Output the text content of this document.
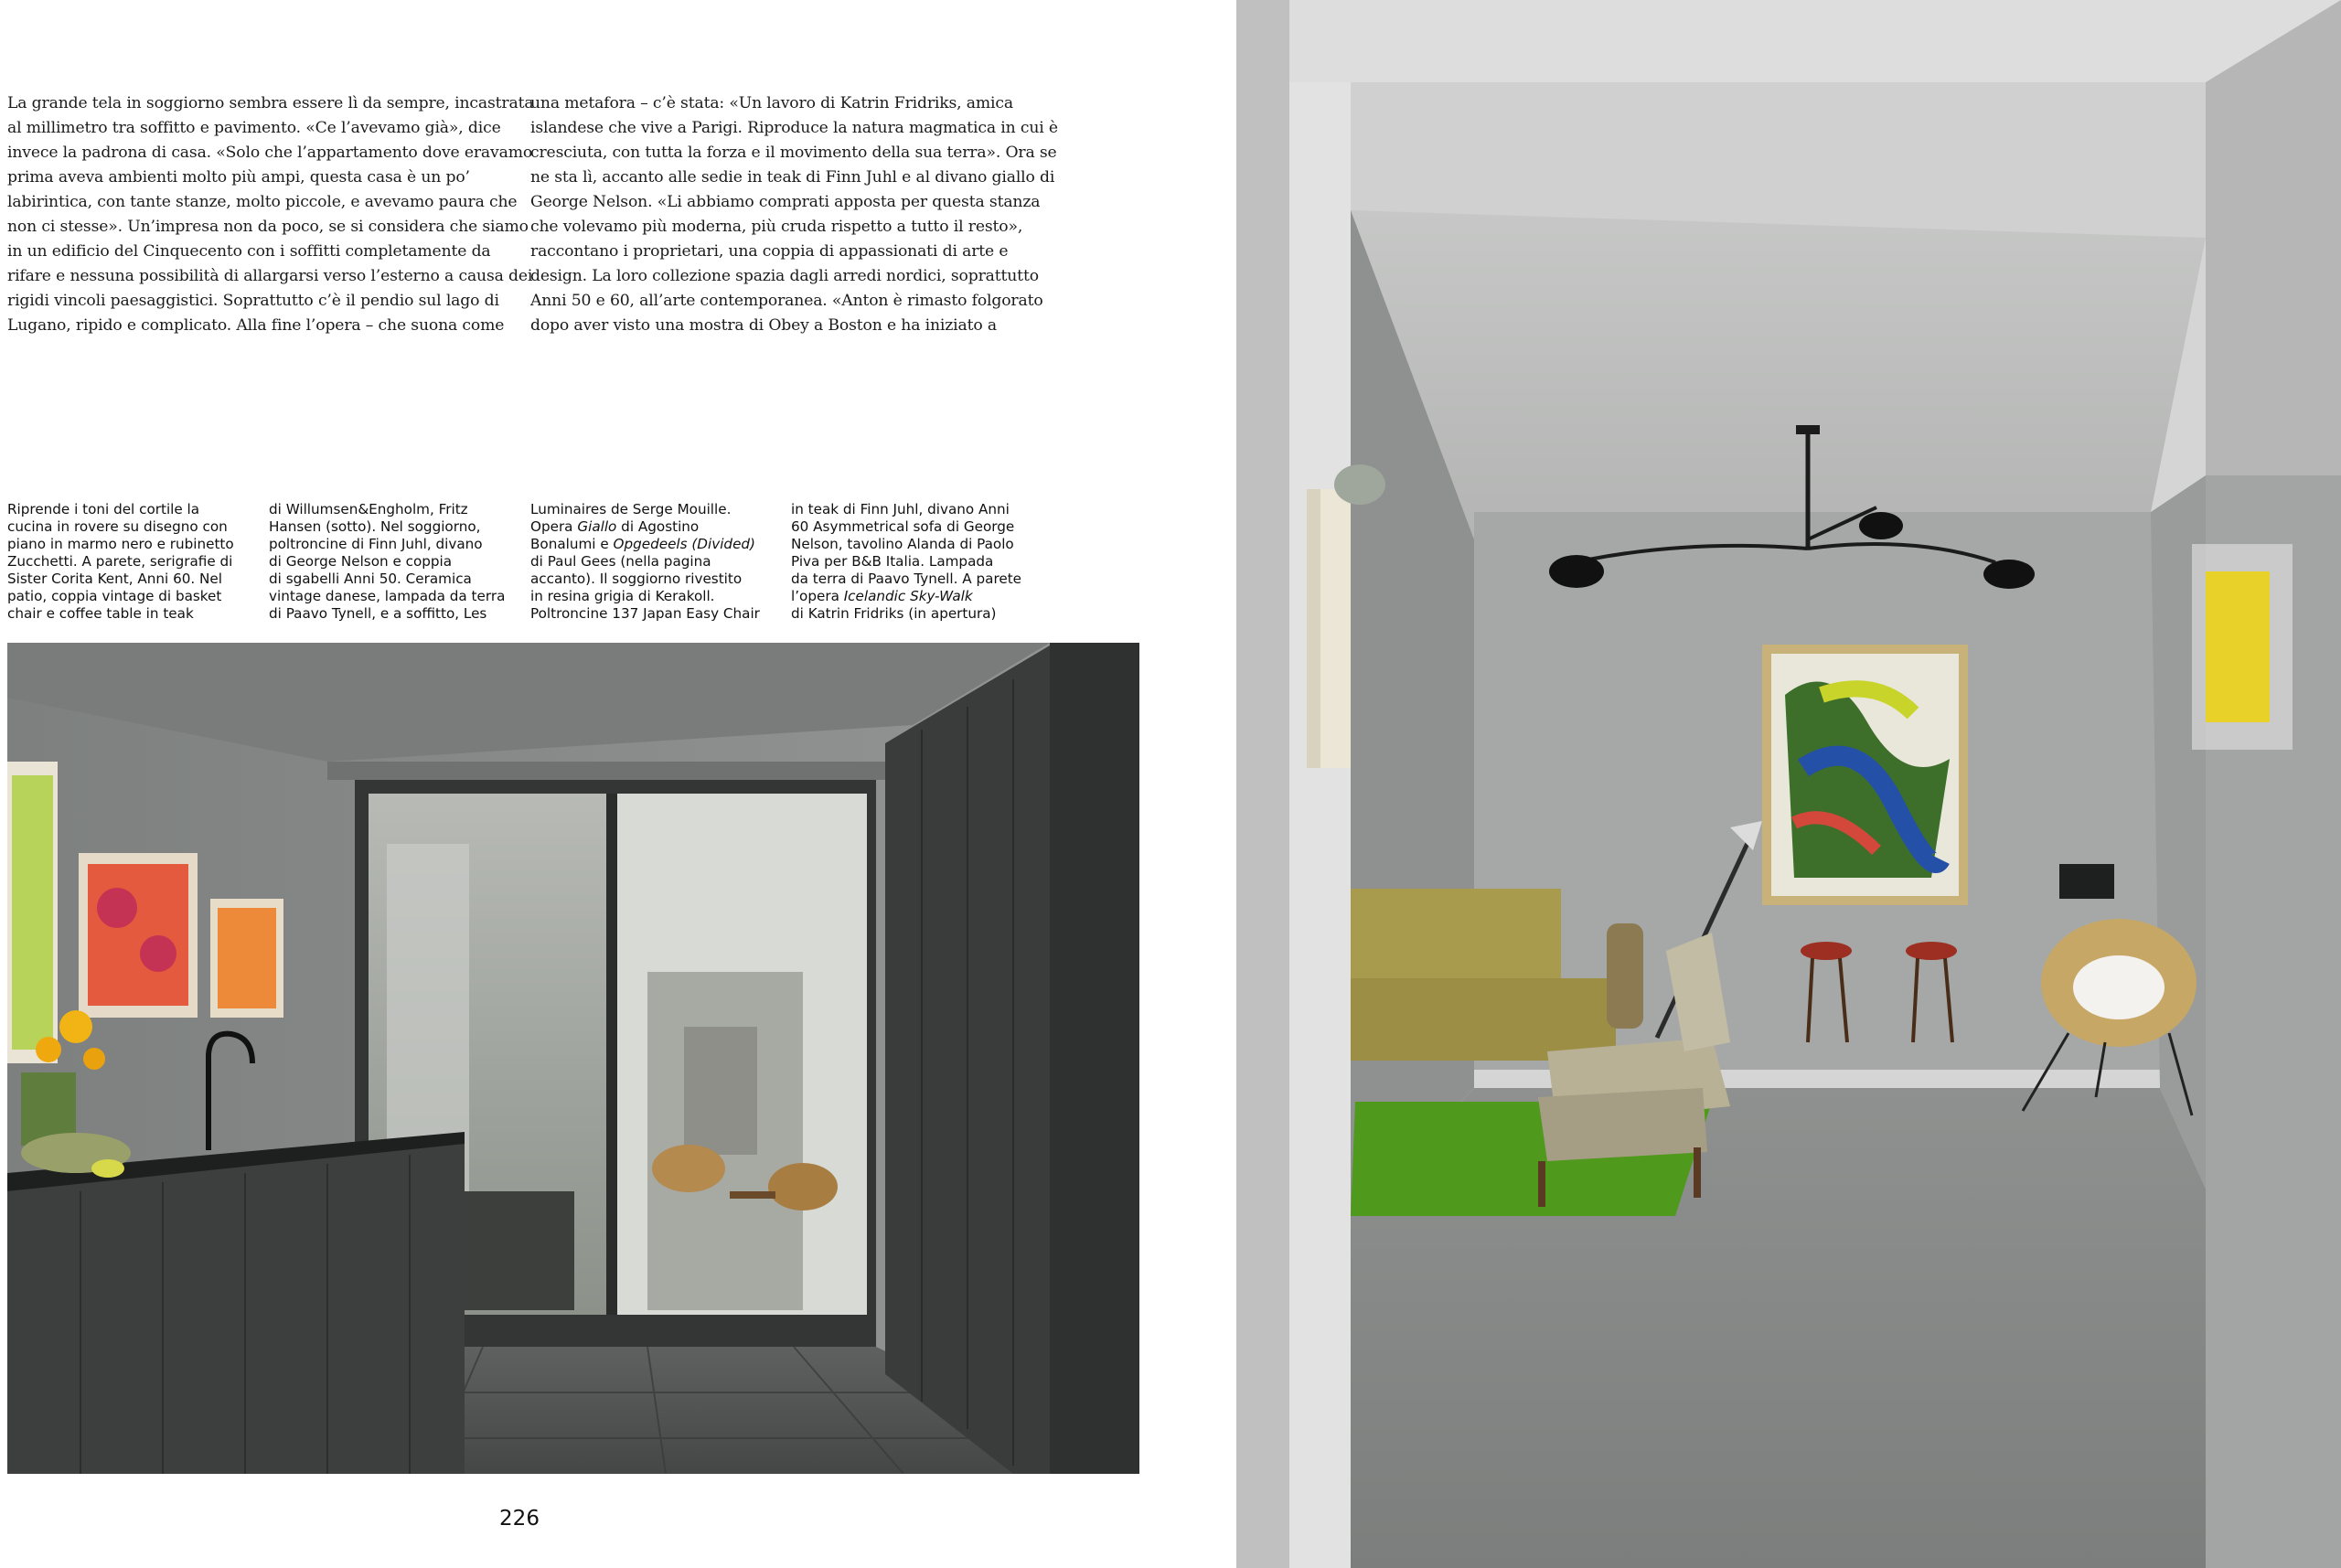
La grande tela in soggiorno sembra essere lì da sempre, incastrata

al millimetro tra soffitto e pavimento. «Ce l’avevamo già», dice

invece la padrona di casa. «Solo che l’appartamento dove eravamo

prima aveva ambienti molto più ampi, questa casa è un po’

labirintica, con tante stanze, molto piccole, e avevamo paura che

non ci stesse». Un’impresa non da poco, se si considera che siamo

in un edificio del Cinquecento con i soffitti completamente da

rifare e nessuna possibilità di allargarsi verso l’esterno a causa dei

rigidi vincoli paesaggistici. Soprattutto c’è il pendio sul lago di

Lugano, ripido e complicato. Alla fine l’opera – che suona come

una metafora – c’è stata: «Un lavoro di Katrin Fridriks, amica

islandese che vive a Parigi. Riproduce la natura magmatica in cui è

cresciuta, con tutta la forza e il movimento della sua terra». Ora se

ne sta lì, accanto alle sedie in teak di Finn Juhl e al divano giallo di

George Nelson. «Li abbiamo comprati apposta per questa stanza

che volevamo più moderna, più cruda rispetto a tutto il resto»,

raccontano i proprietari, una coppia di appassionati di arte e

design. La loro collezione spazia dagli arredi nordici, soprattutto

Anni 50 e 60, all’arte contemporanea. «Anton è rimasto folgorato

dopo aver visto una mostra di Obey a Boston e ha iniziato a

Riprende i toni del cortile la

cucina in rovere su disegno con

piano in marmo nero e rubinetto

Zucchetti. A parete, serigrafie di

Sister Corita Kent, Anni 60. Nel

patio, coppia vintage di basket

chair e coffee table in teak

di Willumsen&Engholm, Fritz

Hansen (sotto). Nel soggiorno,

poltroncine di Finn Juhl, divano

di George Nelson e coppia

di sgabelli Anni 50. Ceramica

vintage danese, lampada da terra

di Paavo Tynell, e a soffitto, Les

Luminaires de Serge Mouille.

Opera Giallo di Agostino

Bonalumi e Opgedeels (Divided)

di Paul Gees (nella pagina

accanto). Il soggiorno rivestito

in resina grigia di Kerakoll.

Poltroncine 137 Japan Easy Chair

in teak di Finn Juhl, divano Anni

60 Asymmetrical sofa di George

Nelson, tavolino Alanda di Paolo

Piva per B&B Italia. Lampada

da terra di Paavo Tynell. A parete

l’opera Icelandic Sky-Walk

di Katrin Fridriks (in apertura)

226
